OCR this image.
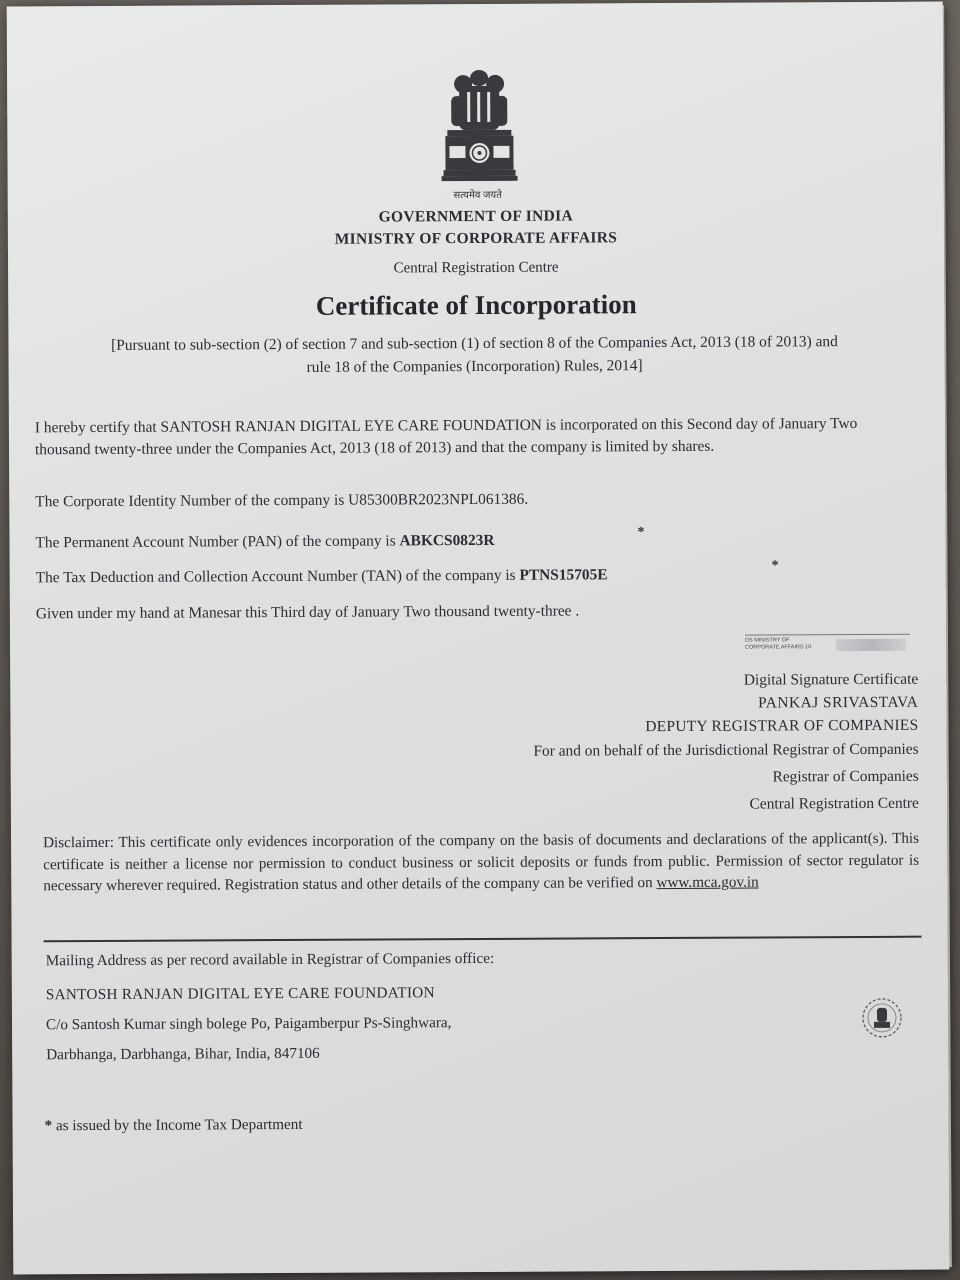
सत्यमेव जयते
GOVERNMENT OF INDIA
MINISTRY OF CORPORATE AFFAIRS
Central Registration Centre
Certificate of Incorporation
[Pursuant to sub-section (2) of section 7 and sub-section (1) of section 8 of the Companies Act, 2013 (18 of 2013) and
rule 18 of the Companies (Incorporation) Rules, 2014]
I hereby certify that SANTOSH RANJAN DIGITAL EYE CARE FOUNDATION is incorporated on this Second day of January Two thousand twenty-three under the Companies Act, 2013 (18 of 2013) and that the company is limited by shares.
The Corporate Identity Number of the company is U85300BR2023NPL061386.
The Permanent Account Number (PAN) of the company is ABKCS0823R	*
The Tax Deduction and Collection Account Number (TAN) of the company is PTNS15705E
*
Given under my hand at Manesar this Third day of January Two thousand twenty-three .
DS MINISTRY OF
CORPORATE AFFAIRS 10
Digital Signature Certificate
PANKAJ SRIVASTAVA
DEPUTY REGISTRAR OF COMPANIES
For and on behalf of the Jurisdictional Registrar of Companies
Registrar of Companies
Central Registration Centre
Disclaimer: This certificate only evidences incorporation of the company on the basis of documents and declarations of the applicant(s). This certificate is neither a license nor permission to conduct business or solicit deposits or funds from public. Permission of sector regulator is necessary wherever required. Registration status and other details of the company can be verified on www.mca.gov.in
Mailing Address as per record available in Registrar of Companies office:
SANTOSH RANJAN DIGITAL EYE CARE FOUNDATION
C/o Santosh Kumar singh bolege Po, Paigamberpur Ps-Singhwara,
Darbhanga, Darbhanga, Bihar, India, 847106
* as issued by the Income Tax Department
